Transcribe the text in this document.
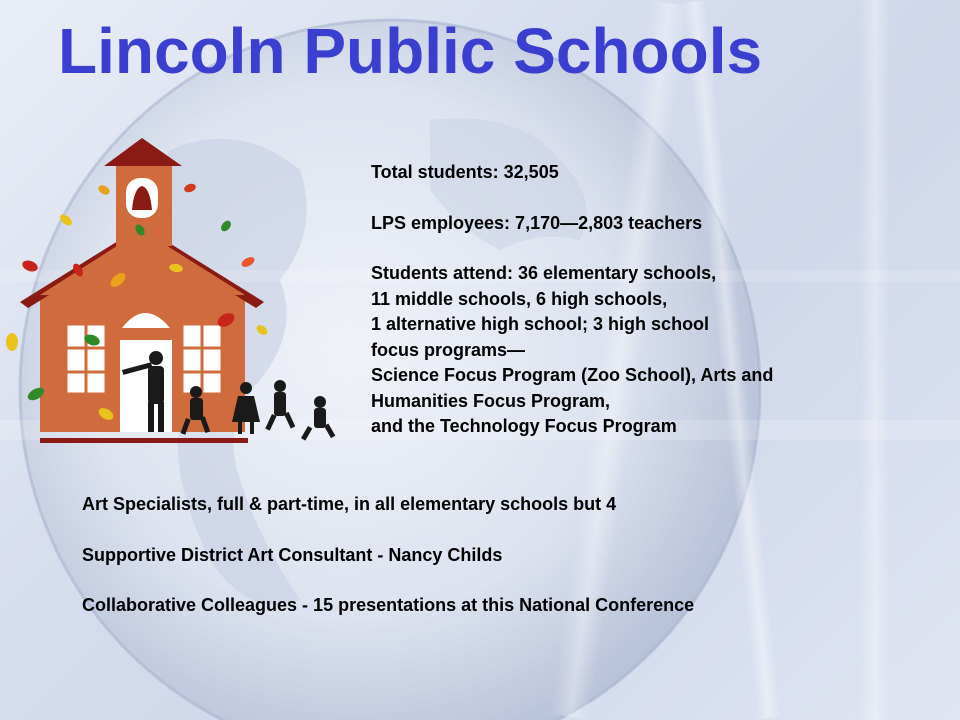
Lincoln Public Schools
Total students: 32,505
LPS employees: 7,170—2,803 teachers
Students attend: 36 elementary schools,
11 middle schools, 6 high schools,
1 alternative high school; 3 high school
focus programs—
Science Focus Program (Zoo School), Arts and
Humanities Focus Program,
and the Technology Focus Program
Art Specialists, full & part-time, in all elementary schools but 4
Supportive District Art Consultant - Nancy Childs
Collaborative Colleagues - 15 presentations at this National Conference
